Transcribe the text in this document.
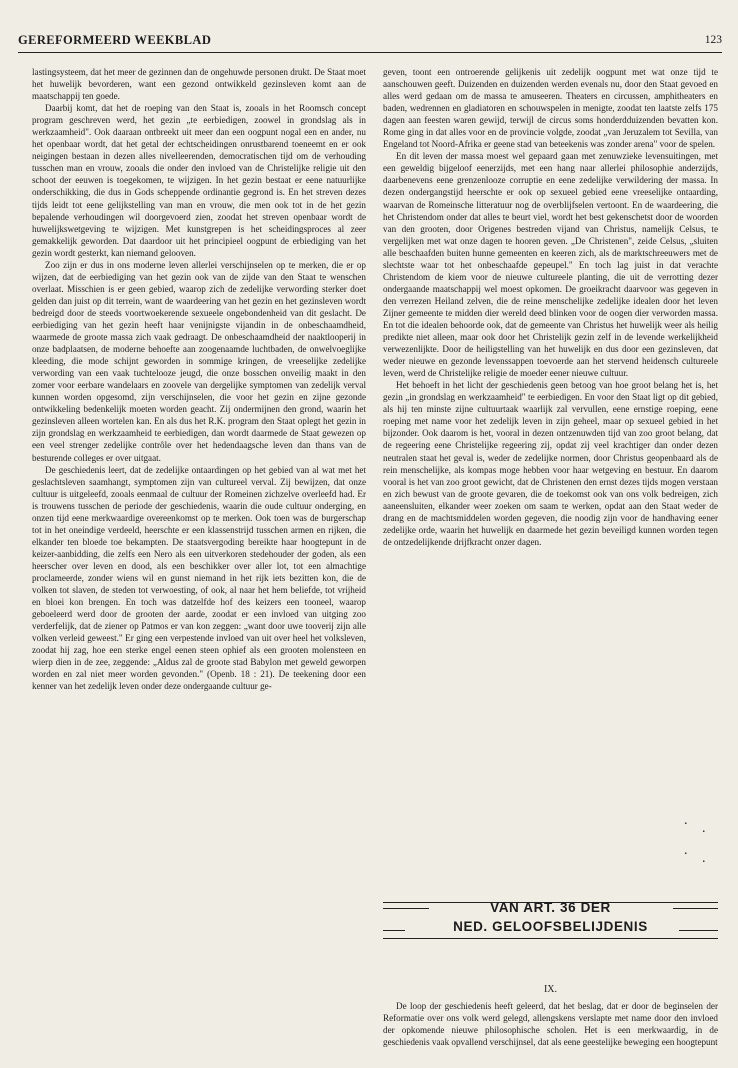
GEREFORMEERD WEEKBLAD	123

lastingsysteem, dat het meer de gezinnen dan de ongehuwde personen drukt. De Staat moet het huwelijk bevorderen, want een gezond ontwikkeld gezinsleven komt aan de maatschappij ten goede.

Daarbij komt, dat het de roeping van den Staat is, zooals in het Roomsch concept program geschreven werd, het gezin „te eerbiedigen, zoowel in grondslag als in werkzaamheid". Ook daaraan ontbreekt uit meer dan een oogpunt nogal een en ander, nu het openbaar wordt, dat het getal der echtscheidingen onrustbarend toeneemt en er ook neigingen bestaan in dezen alles nivelleerenden, democratischen tijd om de verhouding tusschen man en vrouw, zooals die onder den invloed van de Christelijke religie uit den schoot der eeuwen is toegekomen, te wijzigen. In het gezin bestaat er eene natuurlijke onderschikking, die dus in Gods scheppende ordinantie gegrond is. En het streven dezes tijds leidt tot eene gelijkstelling van man en vrouw, die men ook tot in de het gezin bepalende verhoudingen wil doorgevoerd zien, zoodat het streven openbaar wordt de huwelijkswetgeving te wijzigen. Met kunstgrepen is het scheidingsproces al zeer gemakkelijk geworden. Dat daardoor uit het principieel oogpunt de erbiediging van het gezin wordt gesterkt, kan niemand gelooven.

Zoo zijn er dus in ons moderne leven allerlei verschijnselen op te merken, die er op wijzen, dat de eerbiediging van het gezin ook van de zijde van den Staat te wenschen overlaat. Misschien is er geen gebied, waarop zich de zedelijke verwording sterker doet gelden dan juist op dit terrein, want de waardeering van het gezin en het gezinsleven wordt bedreigd door de steeds voortwoekerende sexueele ongebondenheid van dit geslacht. De eerbiediging van het gezin heeft haar venijnigste vijandin in de onbeschaamdheid, waarmede de groote massa zich vaak gedraagt. De onbeschaamdheid der naaktlooperij in onze badplaatsen, de moderne behoefte aan zoogenaamde luchtbaden, de onwelvoeglijke kleeding, die mode schijnt geworden in sommige kringen, de vreeselijke zedelijke verwording van een vaak tuchtelooze jeugd, die onze bosschen onveilig maakt in den zomer voor eerbare wandelaars en zoovele van dergelijke symptomen van zedelijk verval kunnen worden opgesomd, zijn verschijnselen, die voor het gezin en zijne gezonde ontwikkeling bedenkelijk moeten worden geacht. Zij ondermijnen den grond, waarin het gezinsleven alleen wortelen kan. En als dus het R.K. program den Staat oplegt het gezin in zijn grondslag en werkzaamheid te eerbiedigen, dan wordt daarmede de Staat gewezen op een veel strenger zedelijke contrôle over het hedendaagsche leven dan thans van de besturende colleges er over uitgaat.

De geschiedenis leert, dat de zedelijke ontaardingen op het gebied van al wat met het geslachtsleven saamhangt, symptomen zijn van cultureel verval. Zij bewijzen, dat onze cultuur is uitgeleefd, zooals eenmaal de cultuur der Romeinen zichzelve overleefd had. Er is trouwens tusschen de periode der geschiedenis, waarin die oude cultuur onderging, en onzen tijd eene merkwaardige overeenkomst op te merken. Ook toen was de burgerschap tot in het oneindige verdeeld, heerschte er een klassenstrijd tusschen armen en rijken, die elkander ten bloede toe bekampten. De staatsvergoding bereikte haar hoogtepunt in de keizer-aanbidding, die zelfs een Nero als een uitverkoren stedehouder der goden, als een heerscher over leven en dood, als een beschikker over aller lot, tot een almachtige proclameerde, zonder wiens wil en gunst niemand in het rijk iets bezitten kon, die de volken tot slaven, de steden tot verwoesting, of ook, al naar het hem beliefde, tot vrijheid en bloei kon brengen. En toch was datzelfde hof des keizers een tooneel, waarop geboeleerd werd door de grooten der aarde, zoodat er een invloed van uitging zoo verderfelijk, dat de ziener op Patmos er van kon zeggen: „want door uwe tooverij zijn alle volken verleid geweest." Er ging een verpestende invloed van uit over heel het volksleven, zoodat hij zag, hoe een sterke engel eenen steen ophief als een grooten molensteen en wierp dien in de zee, zeggende: „Aldus zal de groote stad Babylon met geweld geworpen worden en zal niet meer worden gevonden." (Openb. 18 : 21). De teekening door een kenner van het zedelijk leven onder deze ondergaande cultuur ge-

geven, toont een ontroerende gelijkenis uit zedelijk oogpunt met wat onze tijd te aanschouwen geeft. Duizenden en duizenden werden evenals nu, door den Staat gevoed en alles werd gedaan om de massa te amuseeren. Theaters en circussen, amphitheaters en baden, wedrennen en gladiatoren en schouwspelen in menigte, zoodat ten laatste zelfs 175 dagen aan feesten waren gewijd, terwijl de circus soms honderdduizenden bevatten kon. Rome ging in dat alles voor en de provincie volgde, zoodat „van Jeruzalem tot Sevilla, van Engeland tot Noord-Afrika er geene stad van beteekenis was zonder arena" voor de spelen.

En dit leven der massa moest wel gepaard gaan met zenuwzieke levensuitingen, met een geweldig bijgeloof eenerzijds, met een hang naar allerlei philosophie anderzijds, daarbenevens eene grenzenlooze corruptie en eene zedelijke verwildering der massa. In dezen ondergangstijd heerschte er ook op sexueel gebied eene vreeselijke ontaarding, waarvan de Romeinsche litteratuur nog de overblijfselen vertoont. En de waardeering, die het Christendom onder dat alles te beurt viel, wordt het best gekenschetst door de woorden van den grooten, door Origenes bestreden vijand van Christus, namelijk Celsus, te vergelijken met wat onze dagen te hooren geven. „De Christenen", zeide Celsus, „sluiten alle beschaafden buiten hunne gemeenten en keeren zich, als de marktschreeuwers met de slechtste waar tot het onbeschaafde gepeupel." En toch lag juist in dat verachte Christendom de kiem voor de nieuwe cultureele planting, die uit de verrotting dezer ondergaande maatschappij wel moest opkomen. De groeikracht daarvoor was gegeven in den verrezen Heiland zelven, die de reine menschelijke zedelijke idealen door het leven Zijner gemeente te midden dier wereld deed blinken voor de oogen dier verworden massa. En tot die idealen behoorde ook, dat de gemeente van Christus het huwelijk weer als heilig predikte niet alleen, maar ook door het Christelijk gezin zelf in de levende werkelijkheid verwezenlijkte. Door de heiligstelling van het huwelijk en dus door een gezinsleven, dat weder nieuwe en gezonde levenssappen toevoerde aan het stervend heidensch cultureele leven, werd de Christelijke religie de moeder eener nieuwe cultuur.

Het behoeft in het licht der geschiedenis geen betoog van hoe groot belang het is, het gezin „in grondslag en werkzaamheid" te eerbiedigen. En voor den Staat ligt op dit gebied, als hij ten minste zijne cultuurtaak waarlijk zal vervullen, eene ernstige roeping, eene roeping met name voor het zedelijk leven in zijn geheel, maar op sexueel gebied in het bijzonder. Ook daarom is het, vooral in dezen ontzenuwden tijd van zoo groot belang, dat de regeering eene Christelijke regeering zij, opdat zij veel krachtiger dan onder dezen neutralen staat het geval is, weder de zedelijke normen, door Christus geopenbaard als de rein menschelijke, als kompas moge hebben voor haar wetgeving en bestuur. En daarom vooral is het van zoo groot gewicht, dat de Christenen den ernst dezes tijds mogen verstaan en zich bewust van de groote gevaren, die de toekomst ook van ons volk bedreigen, zich aaneensluiten, elkander weer zoeken om saam te werken, opdat aan den Staat weder de drang en de machtsmiddelen worden gegeven, die noodig zijn voor de handhaving eener zedelijke orde, waarin het huwelijk en daarmede het gezin beveiligd kunnen worden tegen de ontzedelijkende drijfkracht onzer dagen.

.
.
.
.
VAN ART. 36 DER
NED. GELOOFSBELIJDENIS
IX.

De loop der geschiedenis heeft geleerd, dat het beslag, dat er door de beginselen der Reformatie over ons volk werd gelegd, allengskens verslapte met name door den invloed der opkomende nieuwe philosophische scholen. Het is een merkwaardig, in de geschiedenis vaak opvallend verschijnsel, dat als eene geestelijke beweging een hoogtepunt
